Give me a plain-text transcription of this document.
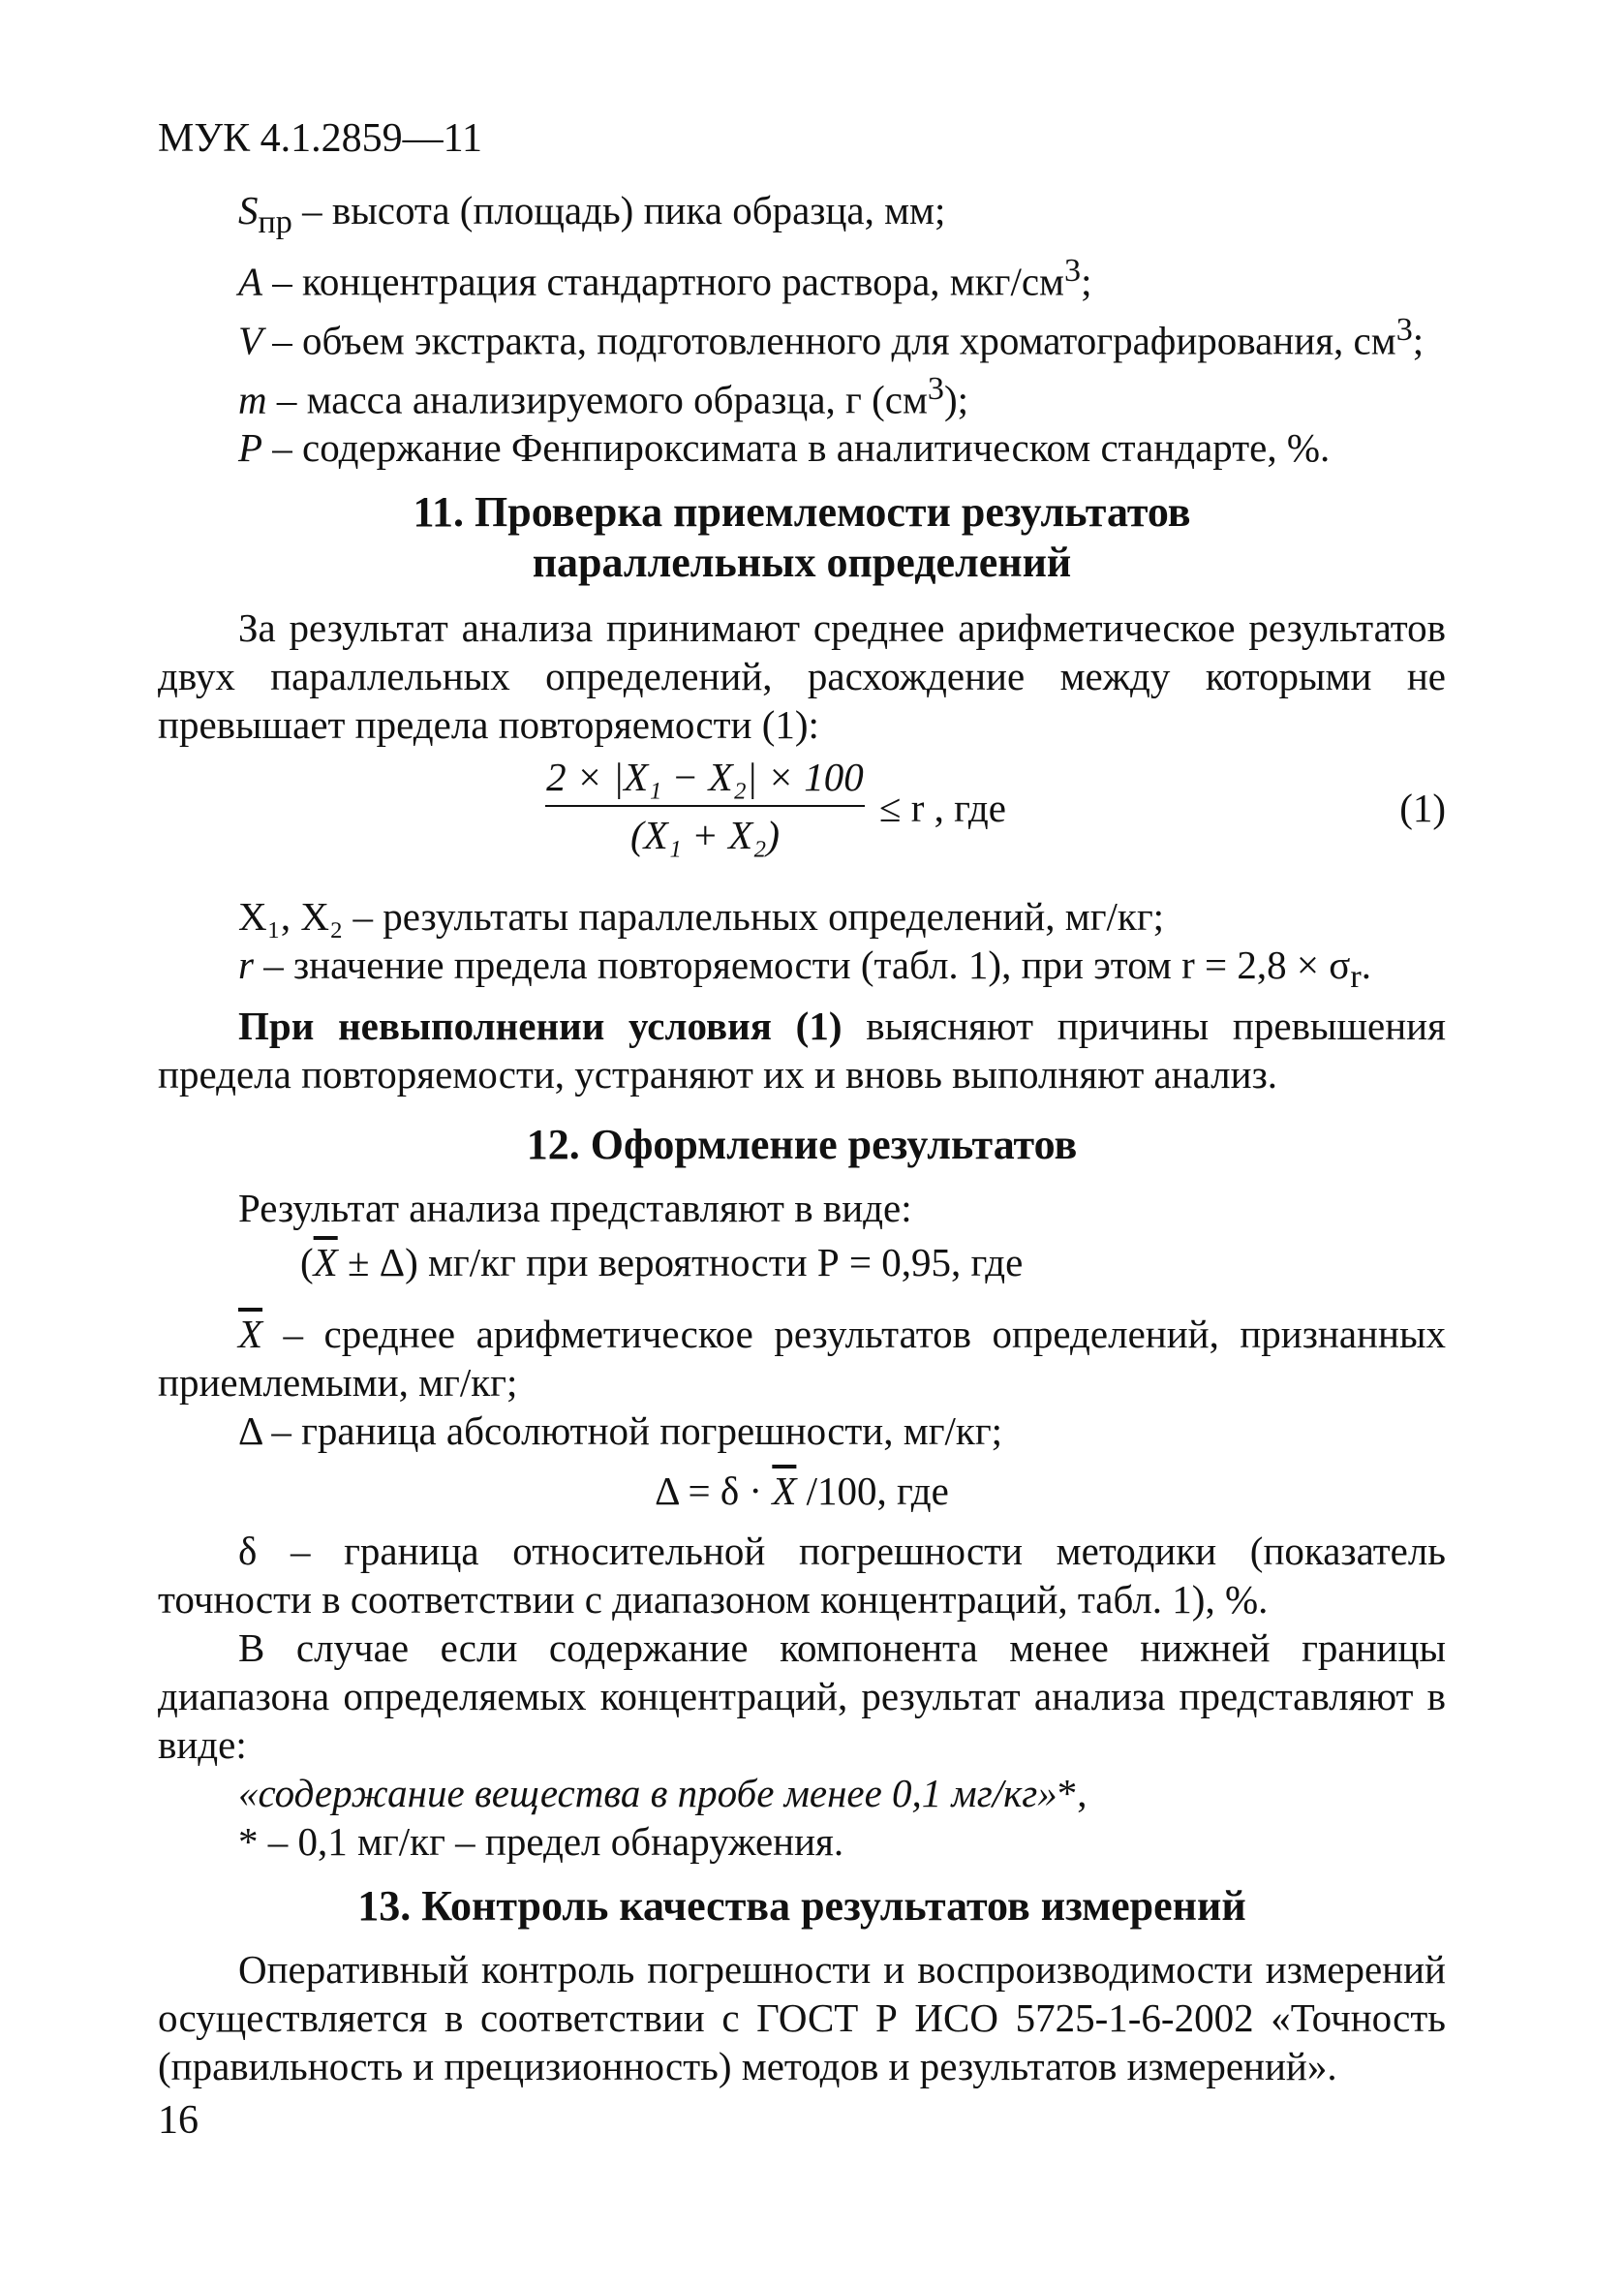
МУК 4.1.2859—11
$S_{пр}$ – высота (площадь) пика образца, мм;
A – концентрация стандартного раствора, мкг/$см^3$;
V – объем экстракта, подготовленного для хроматографирования, $см^3$;
m – масса анализируемого образца, г $(см^3)$;
P – содержание Фенпироксимата в аналитическом стандарте, %.
11. Проверка приемлемости результатов
параллельных определений
За результат анализа принимают среднее арифметическое результатов двух параллельных определений, расхождение между которыми не превышает предела повторяемости (1):
$\frac{\text{2 × |X₁ − X₂| × 100}}{\text{(X₁ + X₂)}} \le r$ , где	(1)
X₁, X₂ – результаты параллельных определений, мг/кг;
r – значение предела повторяемости (табл. 1), при этом $r = 2,8 \times \sigma_r$.
При невыполнении условия (1) выясняют причины превышения предела повторяемости, устраняют их и вновь выполняют анализ.
12. Оформление результатов
Результат анализа представляют в виде:
$(\overline{X} \pm \Delta)$ мг/кг при вероятности Р = 0,95, где
$\overline{X}$ – среднее арифметическое результатов определений, признанных приемлемыми, мг/кг;
Δ – граница абсолютной погрешности, мг/кг;
$\Delta = \delta \cdot \overline{X}$ /100, где
δ – граница относительной погрешности методики (показатель точности в соответствии с диапазоном концентраций, табл. 1), %.
В случае если содержание компонента менее нижней границы диапазона определяемых концентраций, результат анализа представляют в виде:
«содержание вещества в пробе менее 0,1 мг/кг»*,
* – 0,1 мг/кг – предел обнаружения.
13. Контроль качества результатов измерений
Оперативный контроль погрешности и воспроизводимости измерений осуществляется в соответствии с ГОСТ Р ИСО 5725-1-6-2002 «Точность (правильность и прецизионность) методов и результатов измерений».
16
